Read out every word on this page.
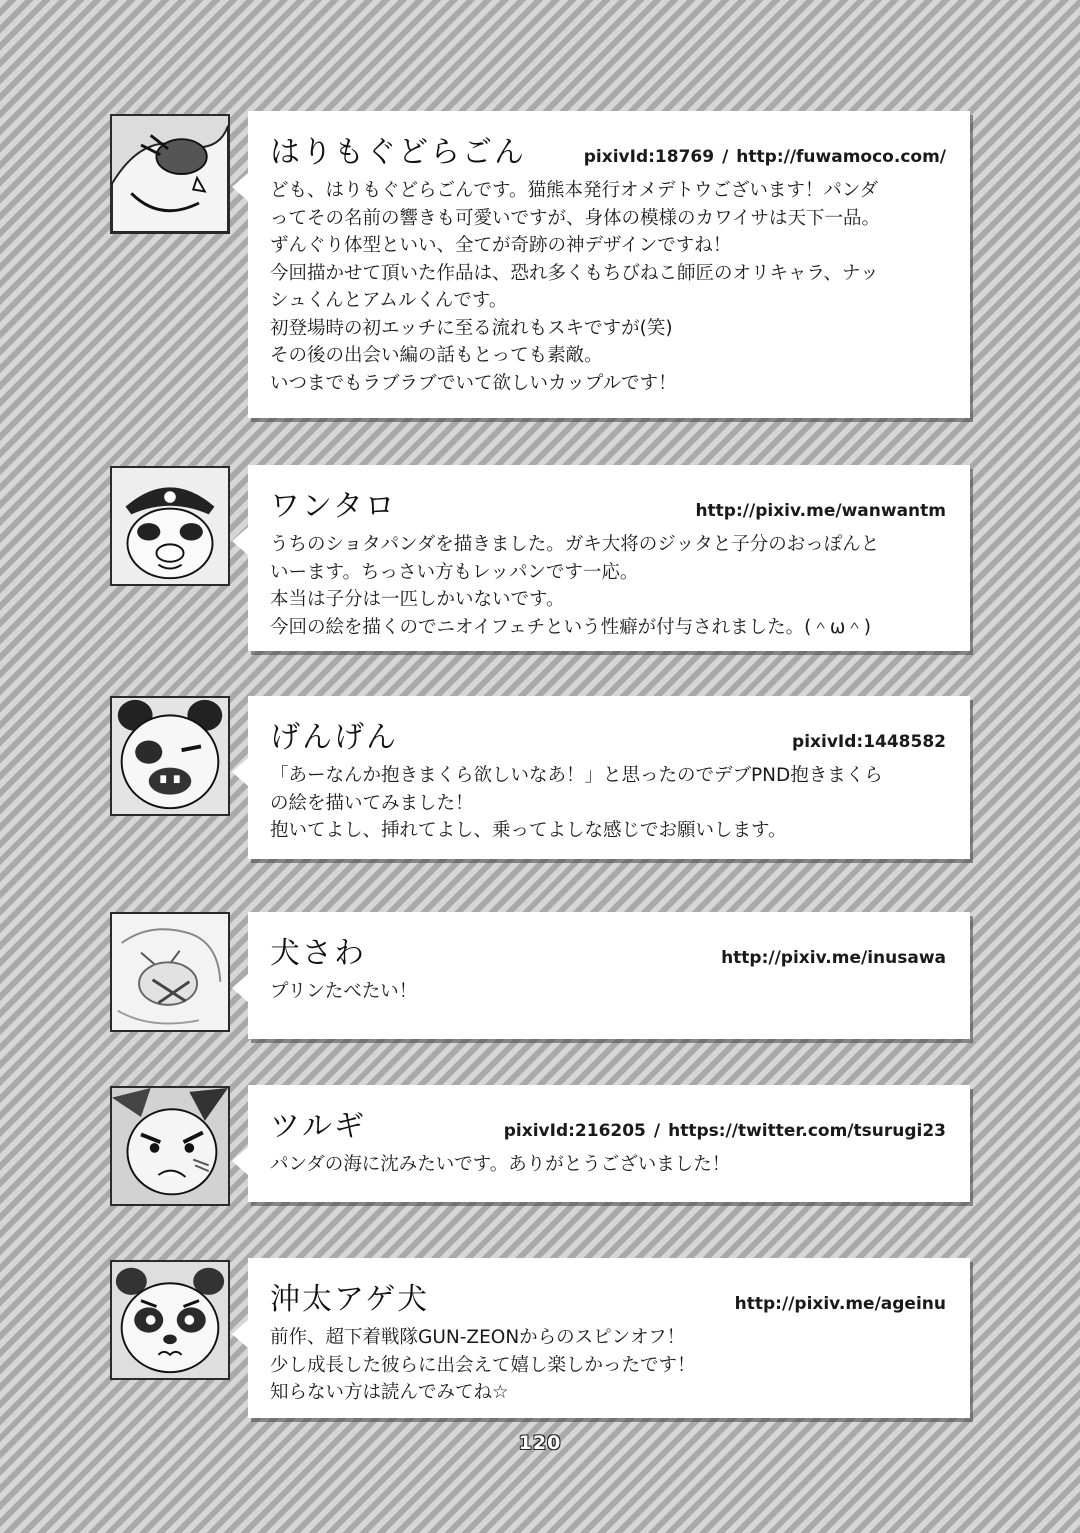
はりもぐどらごん	pixivId:18769 / http://fuwamoco.com/
ども、はりもぐどらごんです。猫熊本発行オメデトウございます！パンダ
ってその名前の響きも可愛いですが、身体の模様のカワイサは天下一品。
ずんぐり体型といい、全てが奇跡の神デザインですね！
今回描かせて頂いた作品は、恐れ多くもちびねこ師匠のオリキャラ、ナッ
シュくんとアムルくんです。
初登場時の初エッチに至る流れもスキですが(笑)
その後の出会い編の話もとっても素敵。
いつまでもラブラブでいて欲しいカップルです！
ワンタロ	http://pixiv.me/wanwantm
うちのショタパンダを描きました。ガキ大将のジッタと子分のおっぽんと
いーます。ちっさい方もレッパンです一応。
本当は子分は一匹しかいないです。
今回の絵を描くのでニオイフェチという性癖が付与されました。(＾ω＾)
げんげん	pixivId:1448582
「あーなんか抱きまくら欲しいなあ！」と思ったのでデブPND抱きまくら
の絵を描いてみました！
抱いてよし、挿れてよし、乗ってよしな感じでお願いします。
犬さわ	http://pixiv.me/inusawa
プリンたべたい！
ツルギ	pixivId:216205 / https://twitter.com/tsurugi23
パンダの海に沈みたいです。ありがとうございました！
沖太アゲ犬	http://pixiv.me/ageinu
前作、超下着戦隊GUN-ZEONからのスピンオフ！
少し成長した彼らに出会えて嬉し楽しかったです！
知らない方は読んでみてね☆
120
